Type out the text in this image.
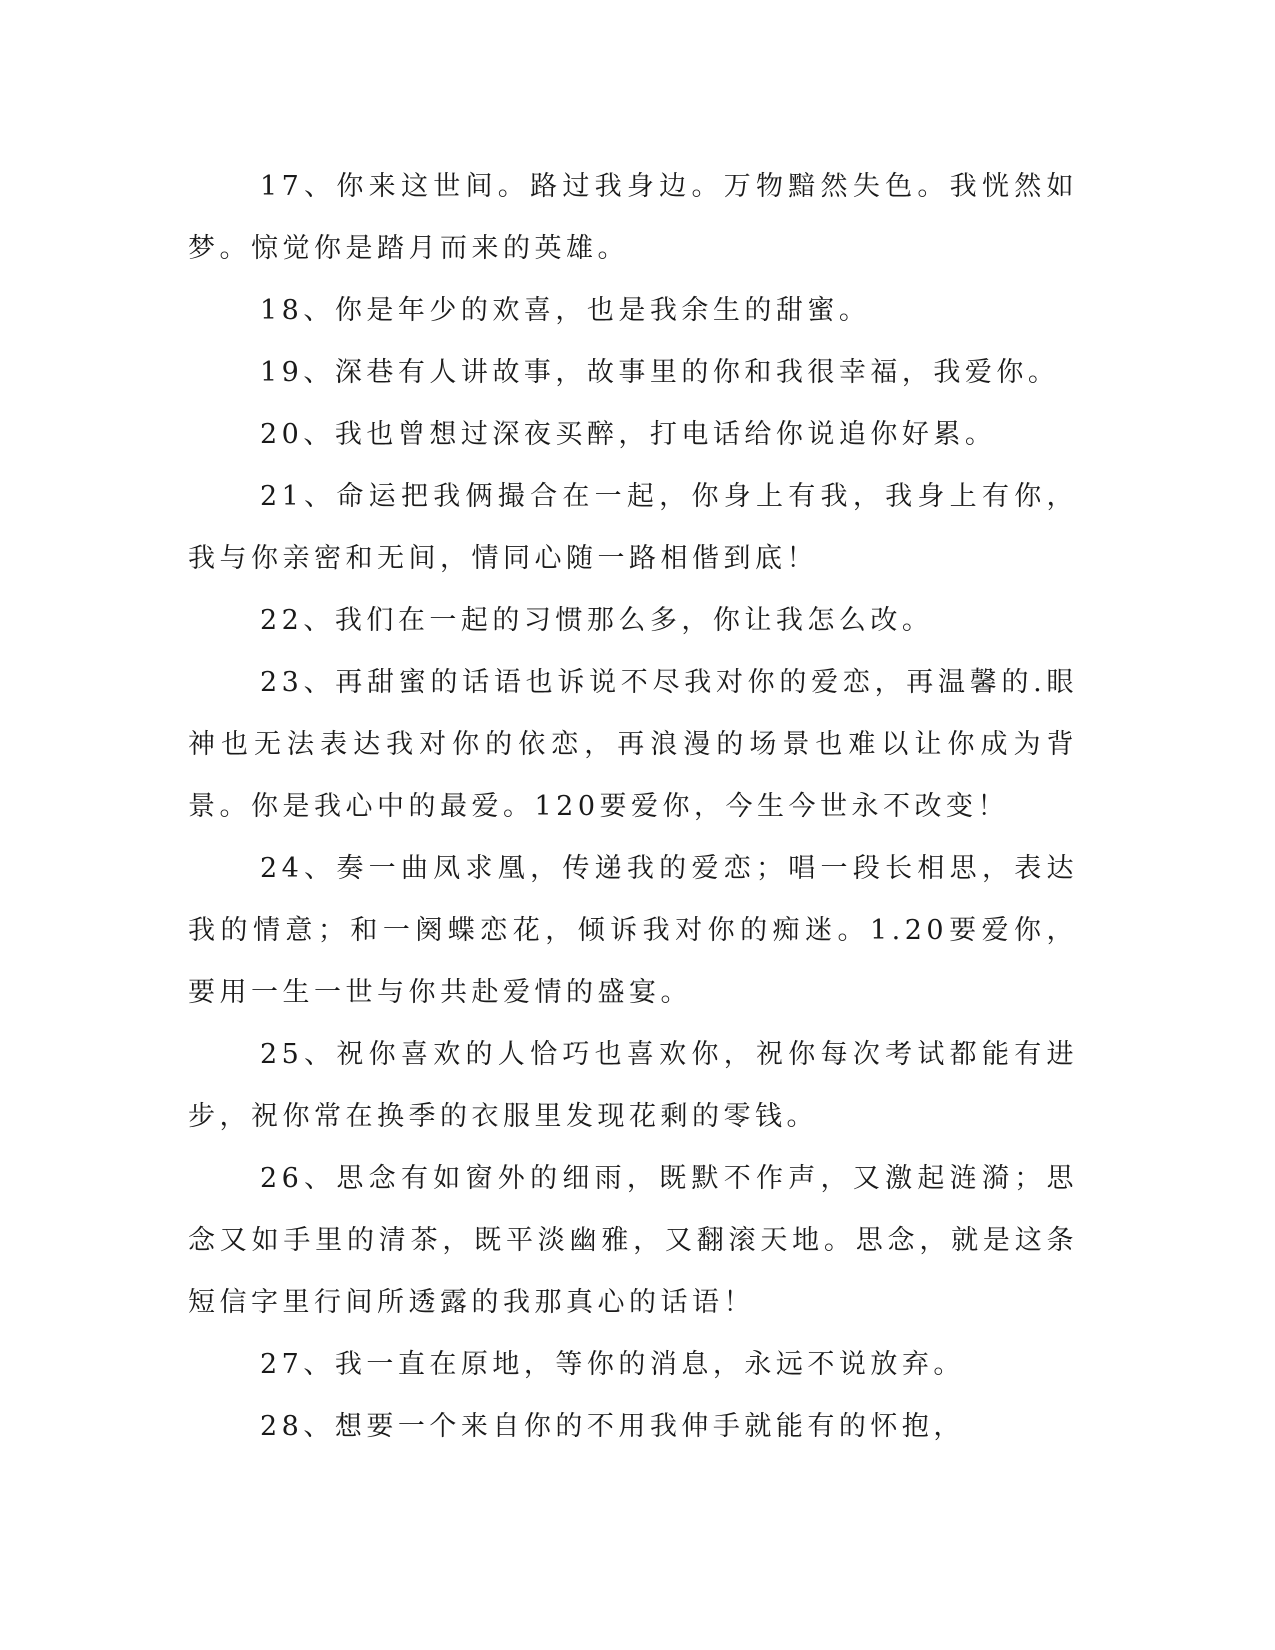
17、你来这世间。路过我身边。万物黯然失色。我恍然如梦。惊觉你是踏月而来的英雄。

18、你是年少的欢喜，也是我余生的甜蜜。

19、深巷有人讲故事，故事里的你和我很幸福，我爱你。

20、我也曾想过深夜买醉，打电话给你说追你好累。

21、命运把我俩撮合在一起，你身上有我，我身上有你，我与你亲密和无间，情同心随一路相偕到底！

22、我们在一起的习惯那么多，你让我怎么改。

23、再甜蜜的话语也诉说不尽我对你的爱恋，再温馨的.眼神也无法表达我对你的依恋，再浪漫的场景也难以让你成为背景。你是我心中的最爱。120要爱你，今生今世永不改变！

24、奏一曲凤求凰，传递我的爱恋；唱一段长相思，表达我的情意；和一阕蝶恋花，倾诉我对你的痴迷。1.20要爱你，要用一生一世与你共赴爱情的盛宴。

25、祝你喜欢的人恰巧也喜欢你，祝你每次考试都能有进步，祝你常在换季的衣服里发现花剩的零钱。

26、思念有如窗外的细雨，既默不作声，又激起涟漪；思念又如手里的清茶，既平淡幽雅，又翻滚天地。思念，就是这条短信字里行间所透露的我那真心的话语！

27、我一直在原地，等你的消息，永远不说放弃。

28、想要一个来自你的不用我伸手就能有的怀抱，
